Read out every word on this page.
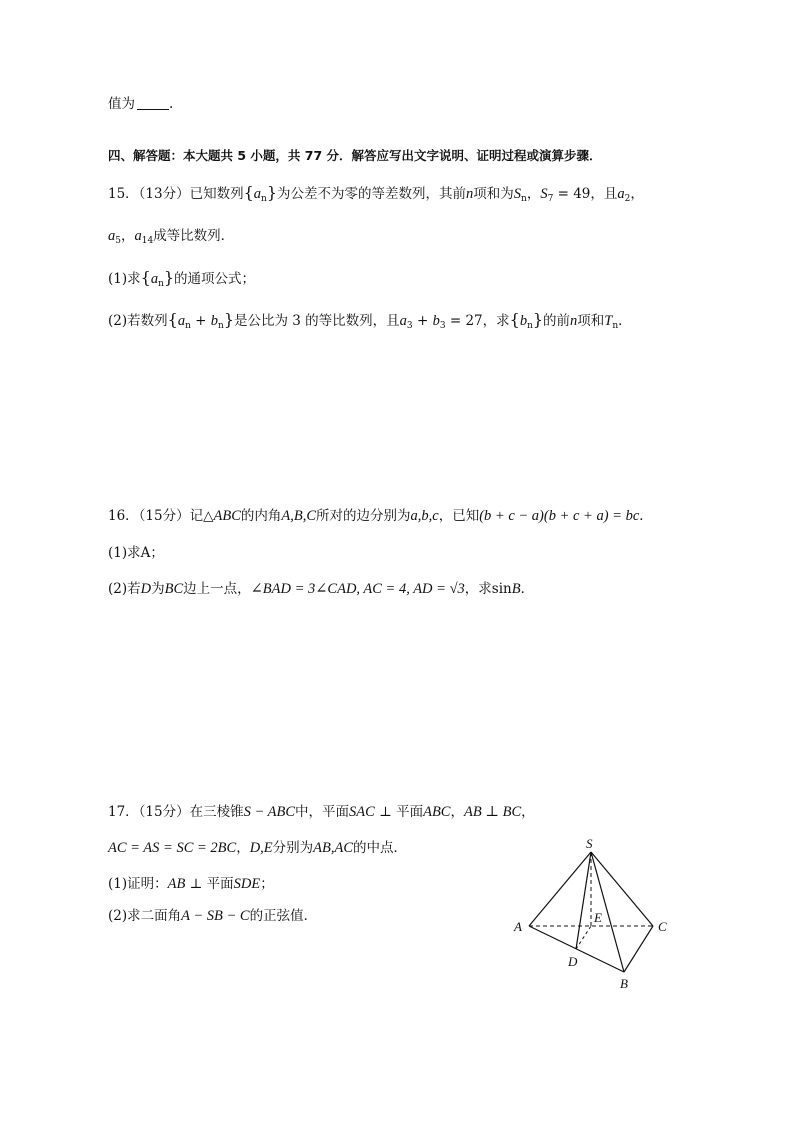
值为	.
四、解答题：本大题共 5 小题，共 77 分．解答应写出文字说明、证明过程或演算步骤．
15．（13分）已知数列$\{a_n\}$为公差不为零的等差数列，其前n项和为$S_n$，$S_7 = 49$，且$a_2$，
$a_5$，$a_{14}$成等比数列．
(1)求$\{a_n\}$的通项公式；
(2)若数列$\{a_n + b_n\}$是公比为 3 的等比数列，且$a_3 + b_3 = 27$，求$\{b_n\}$的前n项和$T_n$．
16．（15分）记△ABC的内角A,B,C所对的边分别为a,b,c，已知(b + c − a)(b + c + a) = bc．
(1)求A；
(2)若D为BC边上一点，∠BAD = 3∠CAD, AC = 4, AD = √3，求sinB．
17．（15分）在三棱锥S − ABC中，平面SAC ⊥ 平面ABC，AB ⊥ BC，
AC = AS = SC = 2BC，D,E分别为AB,AC的中点．
(1)证明：AB ⊥ 平面SDE；
(2)求二面角A − SB − C的正弦值．
S
A	C
E
D
B
